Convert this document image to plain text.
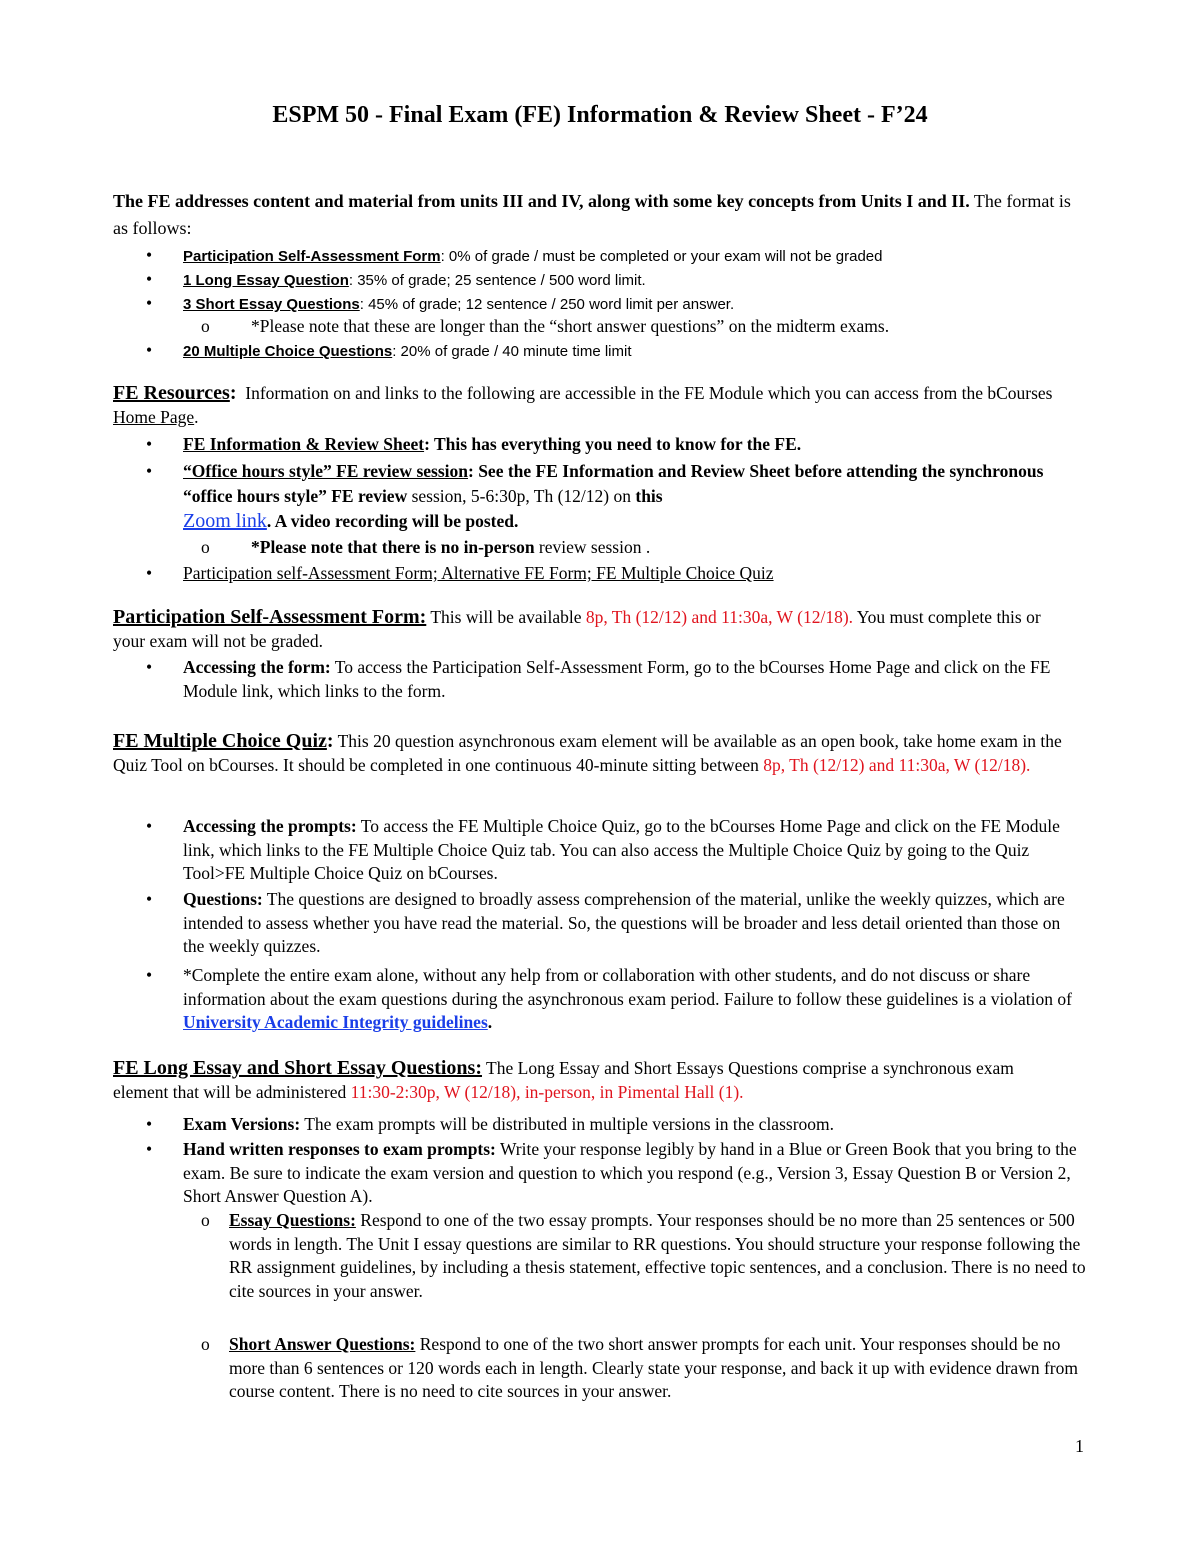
ESPM 50 - Final Exam (FE) Information & Review Sheet - F’24
The FE addresses content and material from units III and IV, along with some key concepts from Units I and II. The format is as follows:
• Participation Self-Assessment Form: 0% of grade / must be completed or your exam will not be graded
• 1 Long Essay Question: 35% of grade; 25 sentence / 500 word limit.
• 3 Short Essay Questions: 45% of grade; 12 sentence / 250 word limit per answer.
o *Please note that these are longer than the “short answer questions” on the midterm exams.
• 20 Multiple Choice Questions: 20% of grade / 40 minute time limit
FE Resources: Information on and links to the following are accessible in the FE Module which you can access from the bCourses Home Page.
• FE Information & Review Sheet: This has everything you need to know for the FE.
• “Office hours style” FE review session: See the FE Information and Review Sheet before attending the synchronous “office hours style” FE review session, 5-6:30p, Th (12/12) on this
Zoom link. A video recording will be posted.
o *Please note that there is no in-person review session .
• Participation self-Assessment Form; Alternative FE Form; FE Multiple Choice Quiz
Participation Self-Assessment Form: This will be available 8p, Th (12/12) and 11:30a, W (12/18). You must complete this or your exam will not be graded.
• Accessing the form: To access the Participation Self-Assessment Form, go to the bCourses Home Page and click on the FE Module link, which links to the form.
FE Multiple Choice Quiz: This 20 question asynchronous exam element will be available as an open book, take home exam in the Quiz Tool on bCourses. It should be completed in one continuous 40-minute sitting between 8p, Th (12/12) and 11:30a, W (12/18).
• Accessing the prompts: To access the FE Multiple Choice Quiz, go to the bCourses Home Page and click on the FE Module link, which links to the FE Multiple Choice Quiz tab. You can also access the Multiple Choice Quiz by going to the Quiz Tool>FE Multiple Choice Quiz on bCourses.
• Questions: The questions are designed to broadly assess comprehension of the material, unlike the weekly quizzes, which are intended to assess whether you have read the material. So, the questions will be broader and less detail oriented than those on the weekly quizzes.
• *Complete the entire exam alone, without any help from or collaboration with other students, and do not discuss or share information about the exam questions during the asynchronous exam period. Failure to follow these guidelines is a violation of University Academic Integrity guidelines.
FE Long Essay and Short Essay Questions: The Long Essay and Short Essays Questions comprise a synchronous exam element that will be administered 11:30-2:30p, W (12/18), in-person, in Pimental Hall (1).
• Exam Versions: The exam prompts will be distributed in multiple versions in the classroom.
• Hand written responses to exam prompts: Write your response legibly by hand in a Blue or Green Book that you bring to the exam. Be sure to indicate the exam version and question to which you respond (e.g., Version 3, Essay Question B or Version 2, Short Answer Question A).
o Essay Questions: Respond to one of the two essay prompts. Your responses should be no more than 25 sentences or 500 words in length. The Unit I essay questions are similar to RR questions. You should structure your response following the RR assignment guidelines, by including a thesis statement, effective topic sentences, and a conclusion. There is no need to cite sources in your answer.
o Short Answer Questions: Respond to one of the two short answer prompts for each unit. Your responses should be no more than 6 sentences or 120 words each in length. Clearly state your response, and back it up with evidence drawn from course content. There is no need to cite sources in your answer.
1
